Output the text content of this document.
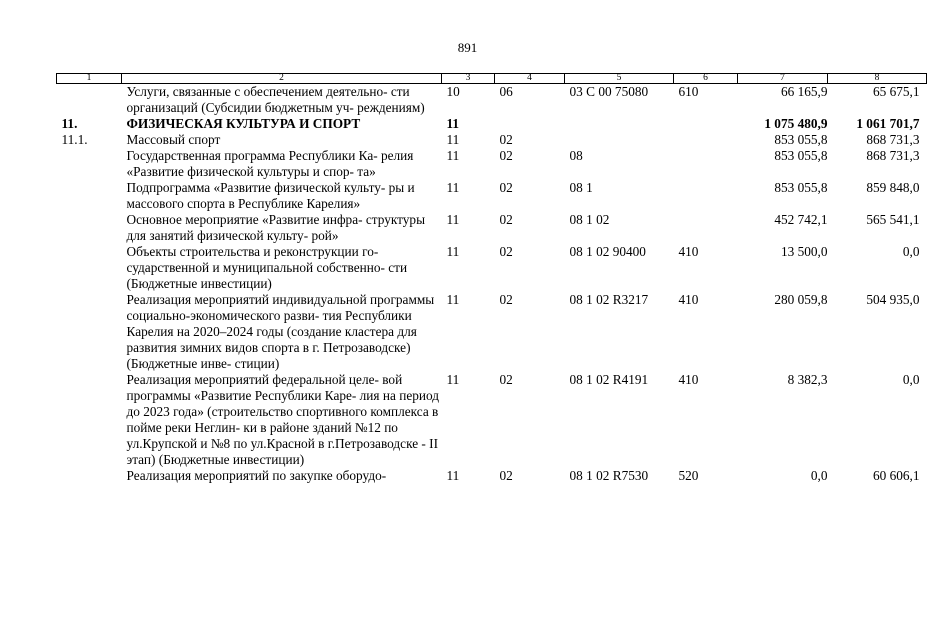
891
1	2	3	4	5	6	7	8
	Услуги, связанные с обеспечением деятельно- сти организаций (Субсидии бюджетным уч- реждениям)	10	06	03 С 00 75080	610	66 165,9	65 675,1
11.	ФИЗИЧЕСКАЯ КУЛЬТУРА И СПОРТ	11				1 075 480,9	1 061 701,7
11.1.	Массовый спорт	11	02			853 055,8	868 731,3
	Государственная программа Республики Ка- релия «Развитие физической культуры и спор- та»	11	02	08		853 055,8	868 731,3
	Подпрограмма «Развитие физической культу- ры и массового спорта в Республике Карелия»	11	02	08 1		853 055,8	859 848,0
	Основное мероприятие «Развитие инфра- структуры для занятий физической культу- рой»	11	02	08 1 02		452 742,1	565 541,1
	Объекты строительства и реконструкции го- сударственной и муниципальной собственно- сти (Бюджетные инвестиции)	11	02	08 1 02 90400	410	13 500,0	0,0
	Реализация мероприятий индивидуальной программы социально-экономического разви- тия Республики Карелия на 2020–2024 годы (создание кластера для развития зимних видов спорта в г. Петрозаводске) (Бюджетные инве- стиции)	11	02	08 1 02 R3217	410	280 059,8	504 935,0
	Реализация мероприятий федеральной целе- вой программы «Развитие Республики Каре- лия на период до 2023 года» (строительство спортивного комплекса в пойме реки Неглин- ки в районе зданий №12 по ул.Крупской и №8 по ул.Красной в г.Петрозаводске - II этап) (Бюджетные инвестиции)	11	02	08 1 02 R4191	410	8 382,3	0,0
	Реализация мероприятий по закупке оборудо-	11	02	08 1 02 R7530	520	0,0	60 606,1
